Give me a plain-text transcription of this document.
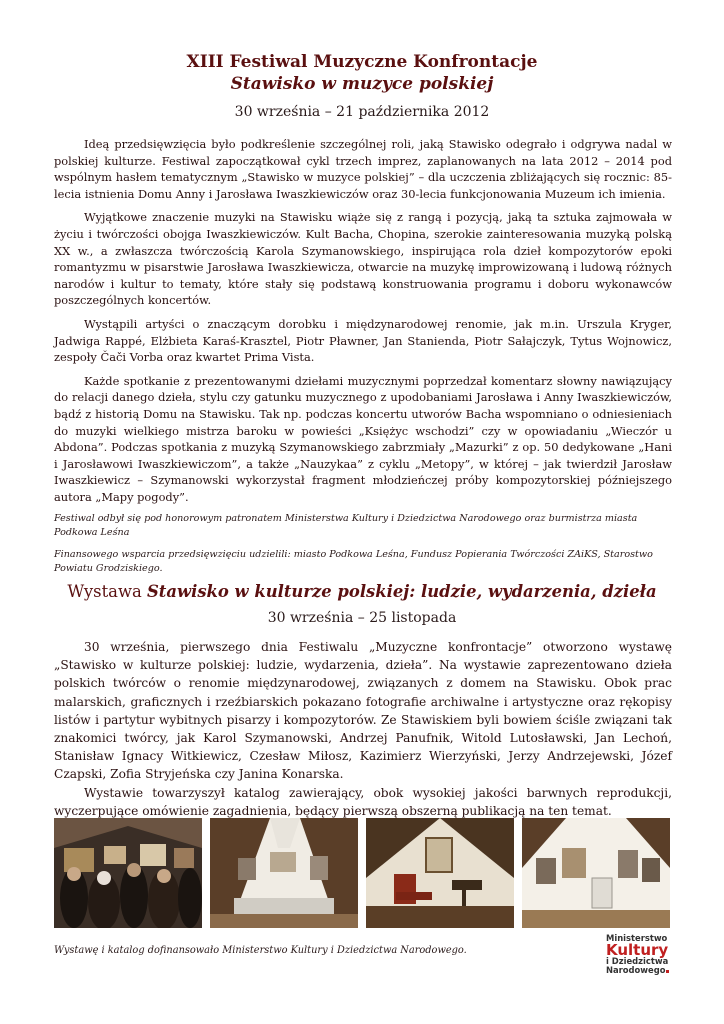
XIII Festiwal Muzyczne Konfrontacje
Stawisko w muzyce polskiej
30 września – 21 października 2012

Ideą przedsięwzięcia było podkreślenie szczególnej roli, jaką Stawisko odegrało i odgrywa nadal w polskiej kulturze. Festiwal zapoczątkował cykl trzech imprez, zaplanowanych na lata 2012 – 2014 pod wspólnym hasłem tematycznym „Stawisko w muzyce polskiej” – dla uczczenia zbliżających się rocznic: 85-lecia istnienia Domu Anny i Jarosława Iwaszkiewiczów oraz 30-lecia funkcjonowania Muzeum ich imienia.

Wyjątkowe znaczenie muzyki na Stawisku wiąże się z rangą i pozycją, jaką ta sztuka zajmowała w życiu i twórczości obojga Iwaszkiewiczów. Kult Bacha, Chopina, szerokie zainteresowania muzyką polską XX w., a zwłaszcza twórczością Karola Szymanowskiego, inspirująca rola dzieł kompozytorów epoki romantyzmu w pisarstwie Jarosława Iwaszkiewicza, otwarcie na muzykę improwizowaną i ludową różnych narodów i kultur to tematy, które stały się podstawą konstruowania programu i doboru wykonawców poszczególnych koncertów.

Wystąpili artyści o znaczącym dorobku i międzynarodowej renomie, jak m.in. Urszula Kryger, Jadwiga Rappé, Elżbieta Karaś-Krasztel, Piotr Pławner, Jan Stanienda, Piotr Sałajczyk, Tytus Wojnowicz, zespoły Čači Vorba oraz kwartet Prima Vista.

Każde spotkanie z prezentowanymi dziełami muzycznymi poprzedzał komentarz słowny nawiązujący do relacji danego dzieła, stylu czy gatunku muzycznego z upodobaniami Jarosława i Anny Iwaszkiewiczów, bądź z historią Domu na Stawisku. Tak np. podczas koncertu utworów Bacha wspomniano o odniesieniach do muzyki wielkiego mistrza baroku w powieści „Księżyc wschodzi” czy w opowiadaniu „Wieczór u Abdona”. Podczas spotkania z muzyką Szymanowskiego zabrzmiały „Mazurki” z op. 50 dedykowane „Hani i Jarosławowi Iwaszkiewiczom”, a także „Nauzykaa” z cyklu „Metopy”, w której – jak twierdził Jarosław Iwaszkiewicz – Szymanowski wykorzystał fragment młodzieńczej próby kompozytorskiej późniejszego autora „Mapy pogody”.

Festiwal odbył się pod honorowym patronatem Ministerstwa Kultury i Dziedzictwa Narodowego oraz burmistrza miasta Podkowa Leśna

Finansowego wsparcia przedsięwzięciu udzielili: miasto Podkowa Leśna, Fundusz Popierania Twórczości ZAiKS, Starostwo Powiatu Grodziskiego.

Wystawa Stawisko w kulturze polskiej: ludzie, wydarzenia, dzieła
30 września – 25 listopada

30 września, pierwszego dnia Festiwalu „Muzyczne konfrontacje” otworzono wystawę „Stawisko w kulturze polskiej: ludzie, wydarzenia, dzieła”. Na wystawie zaprezentowano dzieła polskich twórców o renomie międzynarodowej, związanych z domem na Stawisku. Obok prac malarskich, graficznych i rzeźbiarskich pokazano fotografie archiwalne i artystyczne oraz rękopisy listów i partytur wybitnych pisarzy i kompozytorów. Ze Stawiskiem byli bowiem ściśle związani tak znakomici twórcy, jak Karol Szymanowski, Andrzej Panufnik, Witold Lutosławski, Jan Lechoń, Stanisław Ignacy Witkiewicz, Czesław Miłosz, Kazimierz Wierzyński, Jerzy Andrzejewski, Józef Czapski, Zofia Stryjeńska czy Janina Konarska.

Wystawie towarzyszył katalog zawierający, obok wysokiej jakości barwnych reprodukcji, wyczerpujące omówienie zagadnienia, będący pierwszą obszerną publikacją na ten temat.

Wystawę i katalog dofinansowało Ministerstwo Kultury i Dziedzictwa Narodowego.
Ministerstwo
Kultury
i Dziedzictwa
Narodowego
